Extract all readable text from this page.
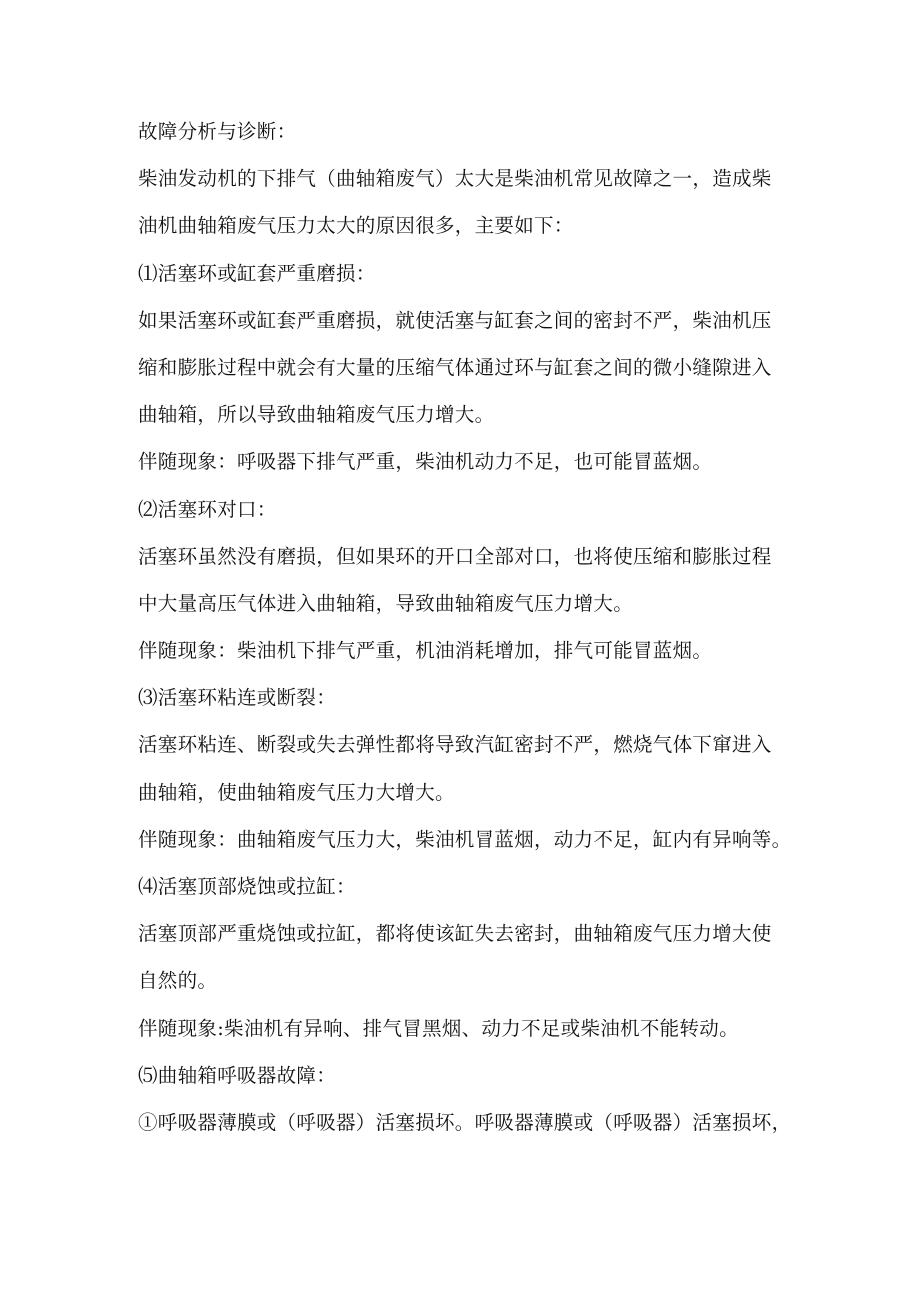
故障分析与诊断：
柴油发动机的下排气（曲轴箱废气）太大是柴油机常见故障之一，造成柴
油机曲轴箱废气压力太大的原因很多，主要如下：
⑴活塞环或缸套严重磨损：
如果活塞环或缸套严重磨损，就使活塞与缸套之间的密封不严，柴油机压
缩和膨胀过程中就会有大量的压缩气体通过环与缸套之间的微小缝隙进入
曲轴箱，所以导致曲轴箱废气压力增大。
伴随现象：呼吸器下排气严重，柴油机动力不足，也可能冒蓝烟。
⑵活塞环对口：
活塞环虽然没有磨损，但如果环的开口全部对口，也将使压缩和膨胀过程
中大量高压气体进入曲轴箱，导致曲轴箱废气压力增大。
伴随现象：柴油机下排气严重，机油消耗增加，排气可能冒蓝烟。
⑶活塞环粘连或断裂：
活塞环粘连、断裂或失去弹性都将导致汽缸密封不严，燃烧气体下窜进入
曲轴箱，使曲轴箱废气压力大增大。
伴随现象：曲轴箱废气压力大，柴油机冒蓝烟，动力不足，缸内有异响等。
⑷活塞顶部烧蚀或拉缸：
活塞顶部严重烧蚀或拉缸，都将使该缸失去密封，曲轴箱废气压力增大使
自然的。
伴随现象:柴油机有异响、排气冒黑烟、动力不足或柴油机不能转动。
⑸曲轴箱呼吸器故障：
①呼吸器薄膜或（呼吸器）活塞损坏。呼吸器薄膜或（呼吸器）活塞损坏，
